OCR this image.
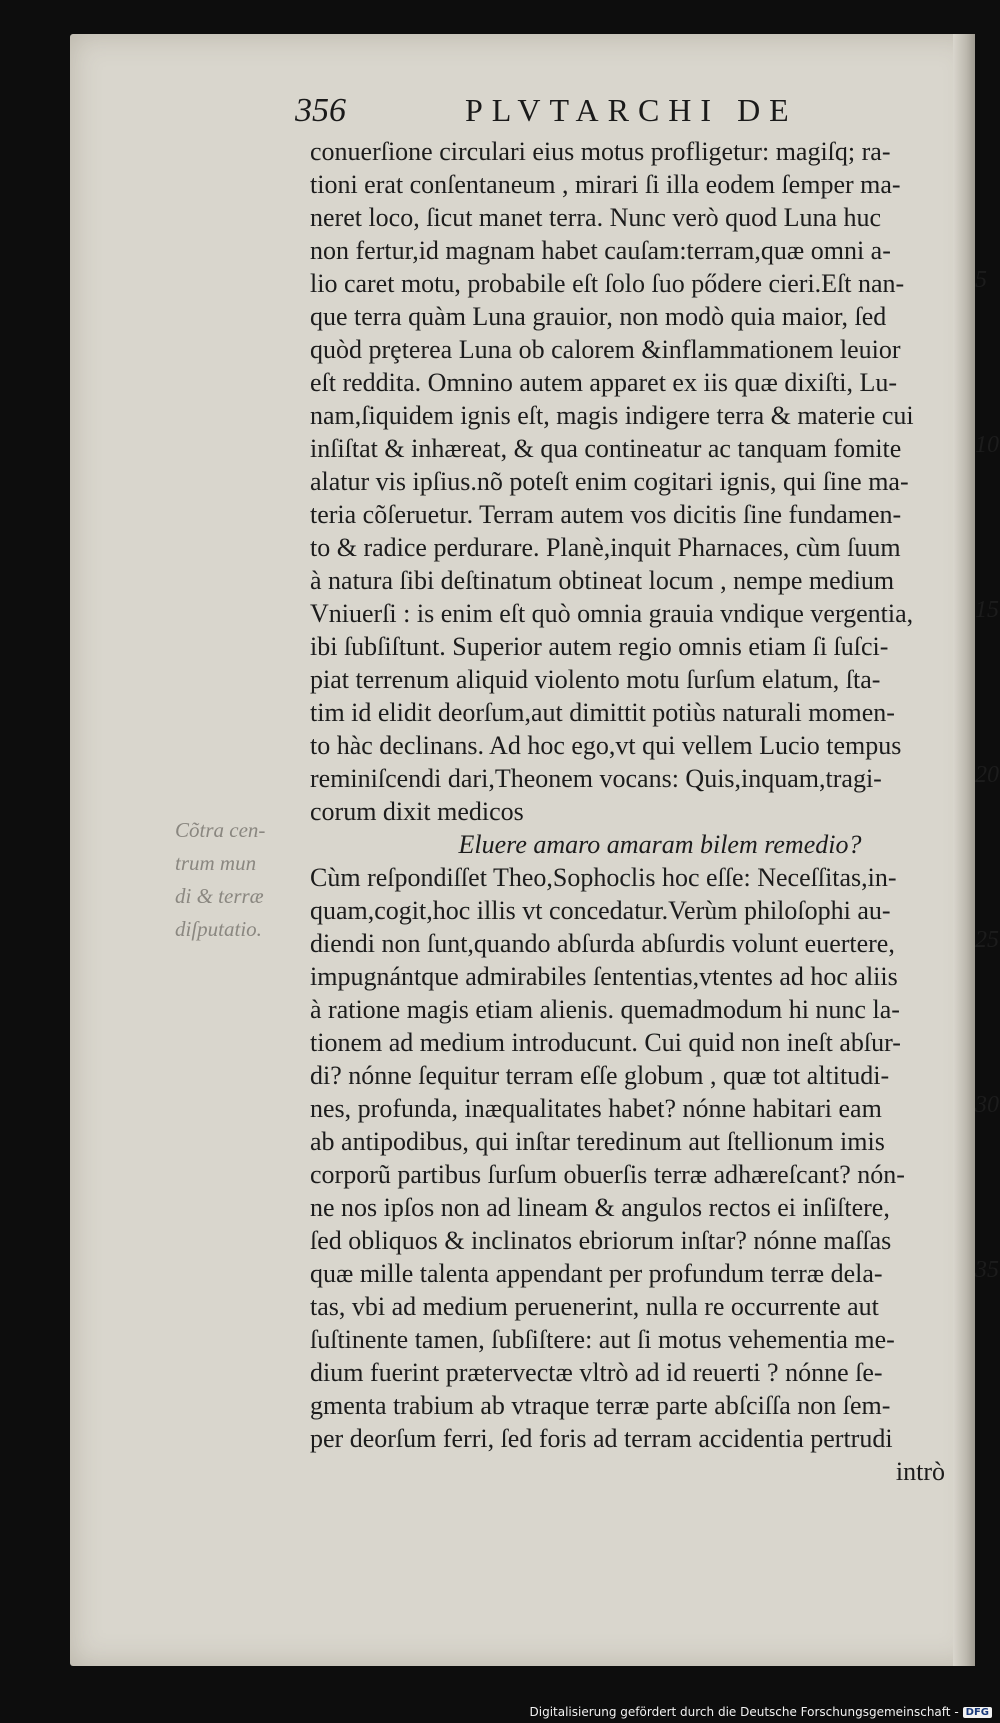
356	PLVTARCHI DE
Cõtra cen-
trum mun
di & terræ
diſputatio.
conuerſione circulari eius motus profligetur: magiſq; ra-
tioni erat conſentaneum , mirari ſi illa eodem ſemper ma-
neret loco, ſicut manet terra. Nunc verò quod Luna huc
non fertur,id magnam habet cauſam:terram,quæ omni a-
lio caret motu, probabile eſt ſolo ſuo pődere cieri.Eſt nan-
que terra quàm Luna grauior, non modò quia maior, ſed
quòd prȩterea Luna ob calorem &inflammationem leuior
eſt reddita. Omnino autem apparet ex iis quæ dixiſti, Lu-
nam,ſiquidem ignis eſt, magis indigere terra & materie cui
inſiſtat & inhæreat, & qua contineatur ac tanquam fomite
alatur vis ipſius.nõ poteſt enim cogitari ignis, qui ſine ma-
teria cõſeruetur. Terram autem vos dicitis ſine fundamen-
to & radice perdurare. Planè,inquit Pharnaces, cùm ſuum
à natura ſibi deſtinatum obtineat locum , nempe medium
Vniuerſi : is enim eſt quò omnia grauia vndique vergentia,
ibi ſubſiſtunt. Superior autem regio omnis etiam ſi ſuſci-
piat terrenum aliquid violento motu ſurſum elatum, ſta-
tim id elidit deorſum,aut dimittit potiùs naturali momen-
to hàc declinans. Ad hoc ego,vt qui vellem Lucio tempus
reminiſcendi dari,Theonem vocans: Quis,inquam,tragi-
corum dixit medicos
Eluere amaro amaram bilem remedio?
Cùm reſpondiſſet Theo,Sophoclis hoc eſſe: Neceſſitas,in-
quam,cogit,hoc illis vt concedatur.Verùm philoſophi au-
diendi non ſunt,quando abſurda abſurdis volunt euertere,
impugnántque admirabiles ſententias,vtentes ad hoc aliis
à ratione magis etiam alienis. quemadmodum hi nunc la-
tionem ad medium introducunt. Cui quid non ineſt abſur-
di? nónne ſequitur terram eſſe globum , quæ tot altitudi-
nes, profunda, inæqualitates habet? nónne habitari eam
ab antipodibus, qui inſtar teredinum aut ſtellionum imis
corporũ partibus ſurſum obuerſis terræ adhæreſcant? nón-
ne nos ipſos non ad lineam & angulos rectos ei inſiſtere,
ſed obliquos & inclinatos ebriorum inſtar? nónne maſſas
quæ mille talenta appendant per profundum terræ dela-
tas, vbi ad medium peruenerint, nulla re occurrente aut
ſuſtinente tamen, ſubſiſtere: aut ſi motus vehementia me-
dium fuerint prætervectæ vltrò ad id reuerti ? nónne ſe-
gmenta trabium ab vtraque terræ parte abſciſſa non ſem-
per deorſum ferri, ſed foris ad terram accidentia pertrudi
intrò
5
10
15
20
25
30
35
Digitalisierung gefördert durch die Deutsche Forschungsgemeinschaft - DFG
